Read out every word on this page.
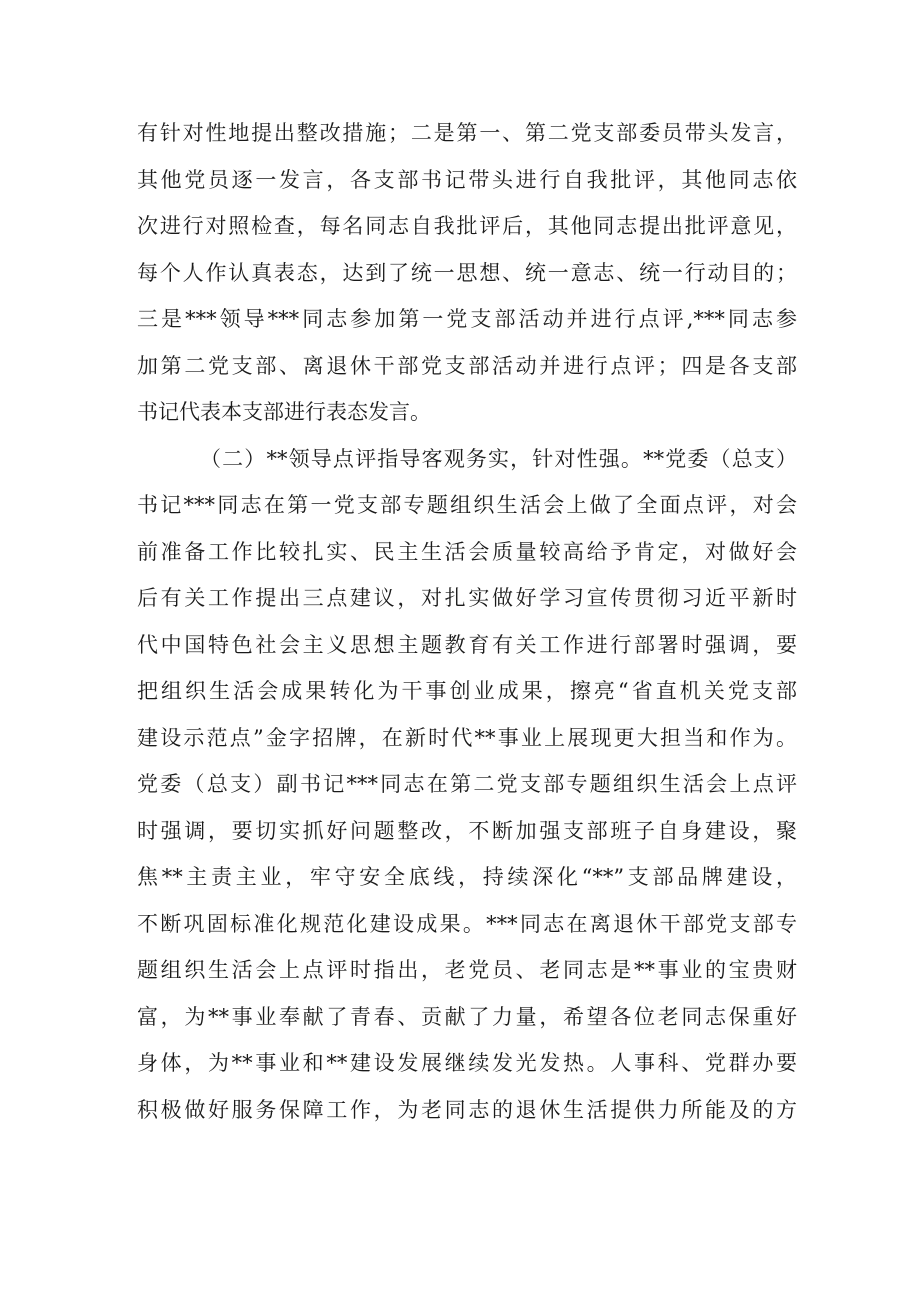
有针对性地提出整改措施；二是第一、第二党支部委员带头发言，
其他党员逐一发言，各支部书记带头进行自我批评，其他同志依
次进行对照检查，每名同志自我批评后，其他同志提出批评意见，
每个人作认真表态，达到了统一思想、统一意志、统一行动目的；
三是***领导***同志参加第一党支部活动并进行点评,***同志参
加第二党支部、离退休干部党支部活动并进行点评；四是各支部
书记代表本支部进行表态发言。
（二）**领导点评指导客观务实，针对性强。**党委（总支）
书记***同志在第一党支部专题组织生活会上做了全面点评，对会
前准备工作比较扎实、民主生活会质量较高给予肯定，对做好会
后有关工作提出三点建议，对扎实做好学习宣传贯彻习近平新时
代中国特色社会主义思想主题教育有关工作进行部署时强调，要
把组织生活会成果转化为干事创业成果，擦亮“省直机关党支部
建设示范点”金字招牌，在新时代**事业上展现更大担当和作为。
党委（总支）副书记***同志在第二党支部专题组织生活会上点评
时强调，要切实抓好问题整改，不断加强支部班子自身建设，聚
焦**主责主业，牢守安全底线，持续深化“**”支部品牌建设，
不断巩固标准化规范化建设成果。***同志在离退休干部党支部专
题组织生活会上点评时指出，老党员、老同志是**事业的宝贵财
富，为**事业奉献了青春、贡献了力量，希望各位老同志保重好
身体，为**事业和**建设发展继续发光发热。人事科、党群办要
积极做好服务保障工作，为老同志的退休生活提供力所能及的方
